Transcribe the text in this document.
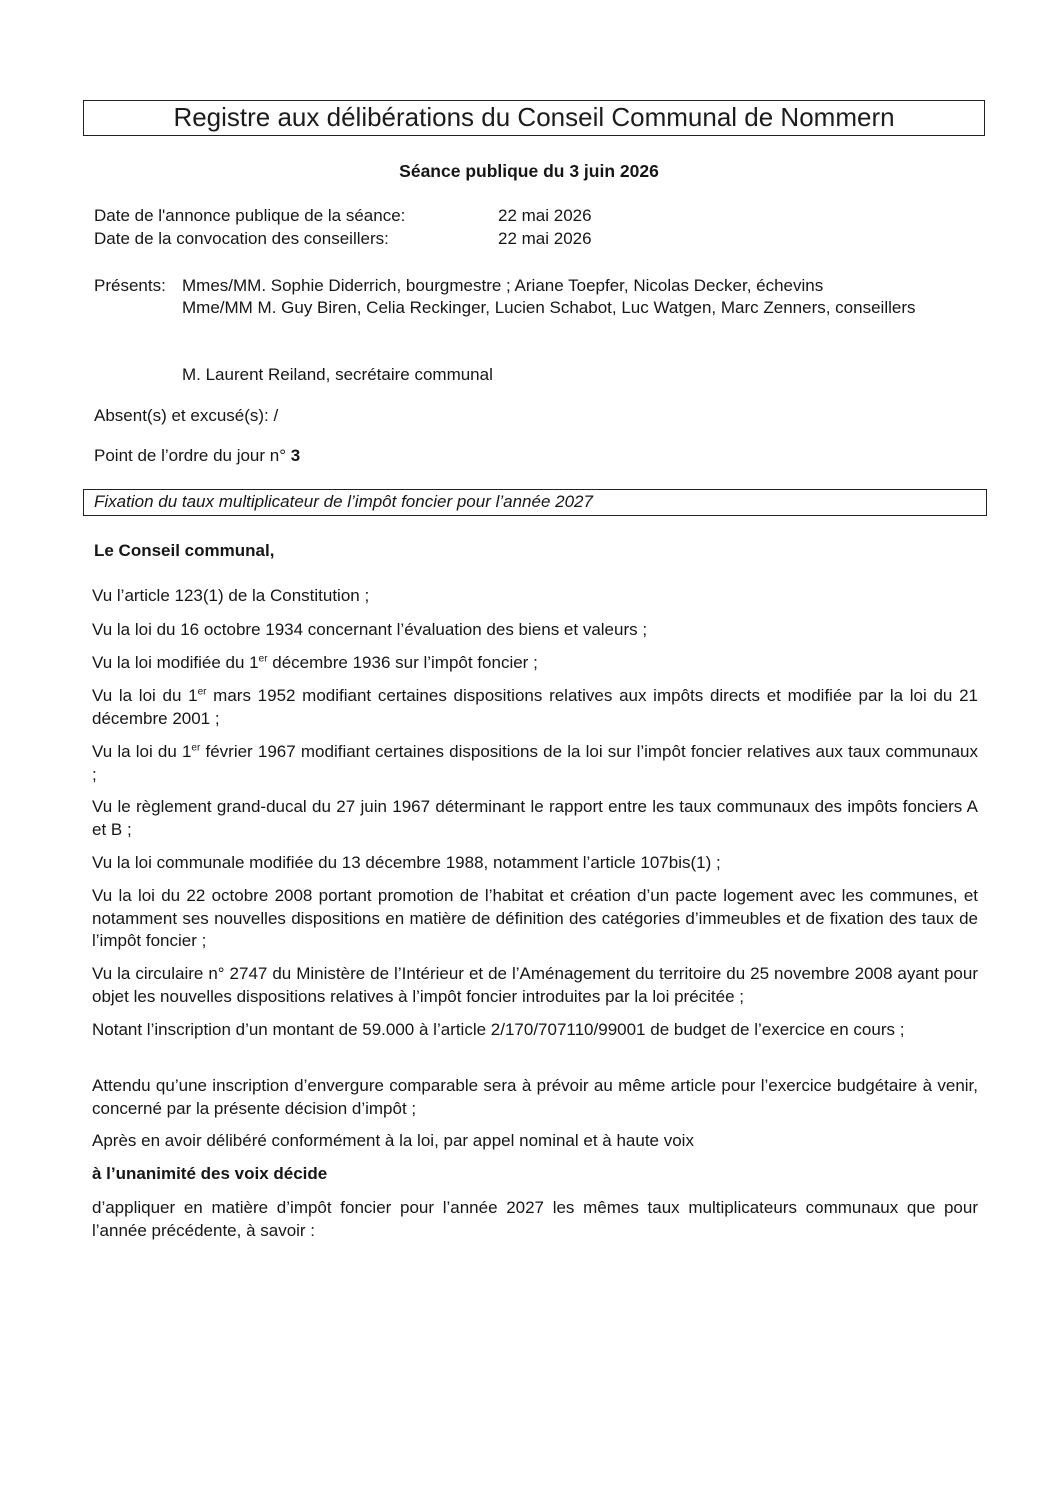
Registre aux délibérations du Conseil Communal de Nommern
Séance publique du 3 juin 2026
Date de l'annonce publique de la séance:	22 mai 2026
Date de la convocation des conseillers:	22 mai 2026
Présents: Mmes/MM. Sophie Diderrich, bourgmestre ; Ariane Toepfer, Nicolas Decker, échevins
Mme/MM M. Guy Biren, Celia Reckinger, Lucien Schabot, Luc Watgen, Marc Zenners, conseillers
M. Laurent Reiland, secrétaire communal
Absent(s) et excusé(s): /
Point de l’ordre du jour n° 3
Fixation du taux multiplicateur de l’impôt foncier pour l’année 2027
Le Conseil communal,
Vu l’article 123(1) de la Constitution ;
Vu la loi du 16 octobre 1934 concernant l’évaluation des biens et valeurs ;
Vu la loi modifiée du 1er décembre 1936 sur l’impôt foncier ;
Vu la loi du 1er mars 1952 modifiant certaines dispositions relatives aux impôts directs et modifiée par la loi du 21 décembre 2001 ;
Vu la loi du 1er février 1967 modifiant certaines dispositions de la loi sur l’impôt foncier relatives aux taux communaux ;
Vu le règlement grand-ducal du 27 juin 1967 déterminant le rapport entre les taux communaux des impôts fonciers A et B ;
Vu la loi communale modifiée du 13 décembre 1988, notamment l’article 107bis(1) ;
Vu la loi du 22 octobre 2008 portant promotion de l’habitat et création d’un pacte logement avec les communes, et notamment ses nouvelles dispositions en matière de définition des catégories d’immeubles et de fixation des taux de l’impôt foncier ;
Vu la circulaire n° 2747 du Ministère de l’Intérieur et de l’Aménagement du territoire du 25 novembre 2008 ayant pour objet les nouvelles dispositions relatives à l’impôt foncier introduites par la loi précitée ;
Notant l’inscription d’un montant de 59.000 à l’article 2/170/707110/99001 de budget de l’exercice en cours ;
Attendu qu’une inscription d’envergure comparable sera à prévoir au même article pour l’exercice budgétaire à venir, concerné par la présente décision d’impôt ;
Après en avoir délibéré conformément à la loi, par appel nominal et à haute voix
à l’unanimité des voix décide
d’appliquer en matière d’impôt foncier pour l’année 2027 les mêmes taux multiplicateurs communaux que pour l’année précédente, à savoir :
